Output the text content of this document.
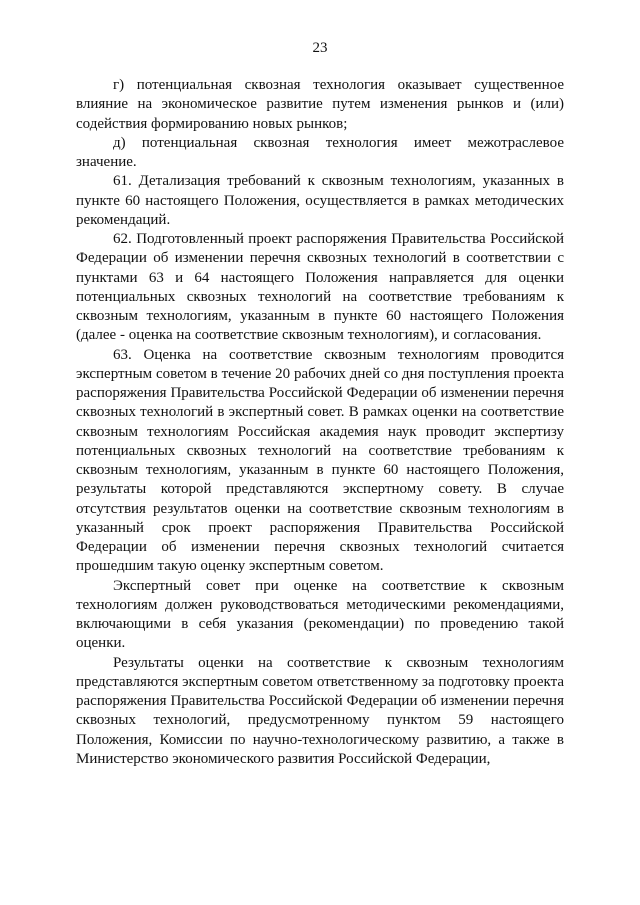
23

г) потенциальная сквозная технология оказывает существенное влияние на экономическое развитие путем изменения рынков и (или) содействия формированию новых рынков;

д) потенциальная сквозная технология имеет межотраслевое значение.

61. Детализация требований к сквозным технологиям, указанных в пункте 60 настоящего Положения, осуществляется в рамках методических рекомендаций.

62. Подготовленный проект распоряжения Правительства Российской Федерации об изменении перечня сквозных технологий в соответствии с пунктами 63 и 64 настоящего Положения направляется для оценки потенциальных сквозных технологий на соответствие требованиям к сквозным технологиям, указанным в пункте 60 настоящего Положения (далее - оценка на соответствие сквозным технологиям), и согласования.

63. Оценка на соответствие сквозным технологиям проводится экспертным советом в течение 20 рабочих дней со дня поступления проекта распоряжения Правительства Российской Федерации об изменении перечня сквозных технологий в экспертный совет. В рамках оценки на соответствие сквозным технологиям Российская академия наук проводит экспертизу потенциальных сквозных технологий на соответствие требованиям к сквозным технологиям, указанным в пункте 60 настоящего Положения, результаты которой представляются экспертному совету. В случае отсутствия результатов оценки на соответствие сквозным технологиям в указанный срок проект распоряжения Правительства Российской Федерации об изменении перечня сквозных технологий считается прошедшим такую оценку экспертным советом.

Экспертный совет при оценке на соответствие к сквозным технологиям должен руководствоваться методическими рекомендациями, включающими в себя указания (рекомендации) по проведению такой оценки.

Результаты оценки на соответствие к сквозным технологиям представляются экспертным советом ответственному за подготовку проекта распоряжения Правительства Российской Федерации об изменении перечня сквозных технологий, предусмотренному пунктом 59 настоящего Положения, Комиссии по научно-технологическому развитию, а также в Министерство экономического развития Российской Федерации,
